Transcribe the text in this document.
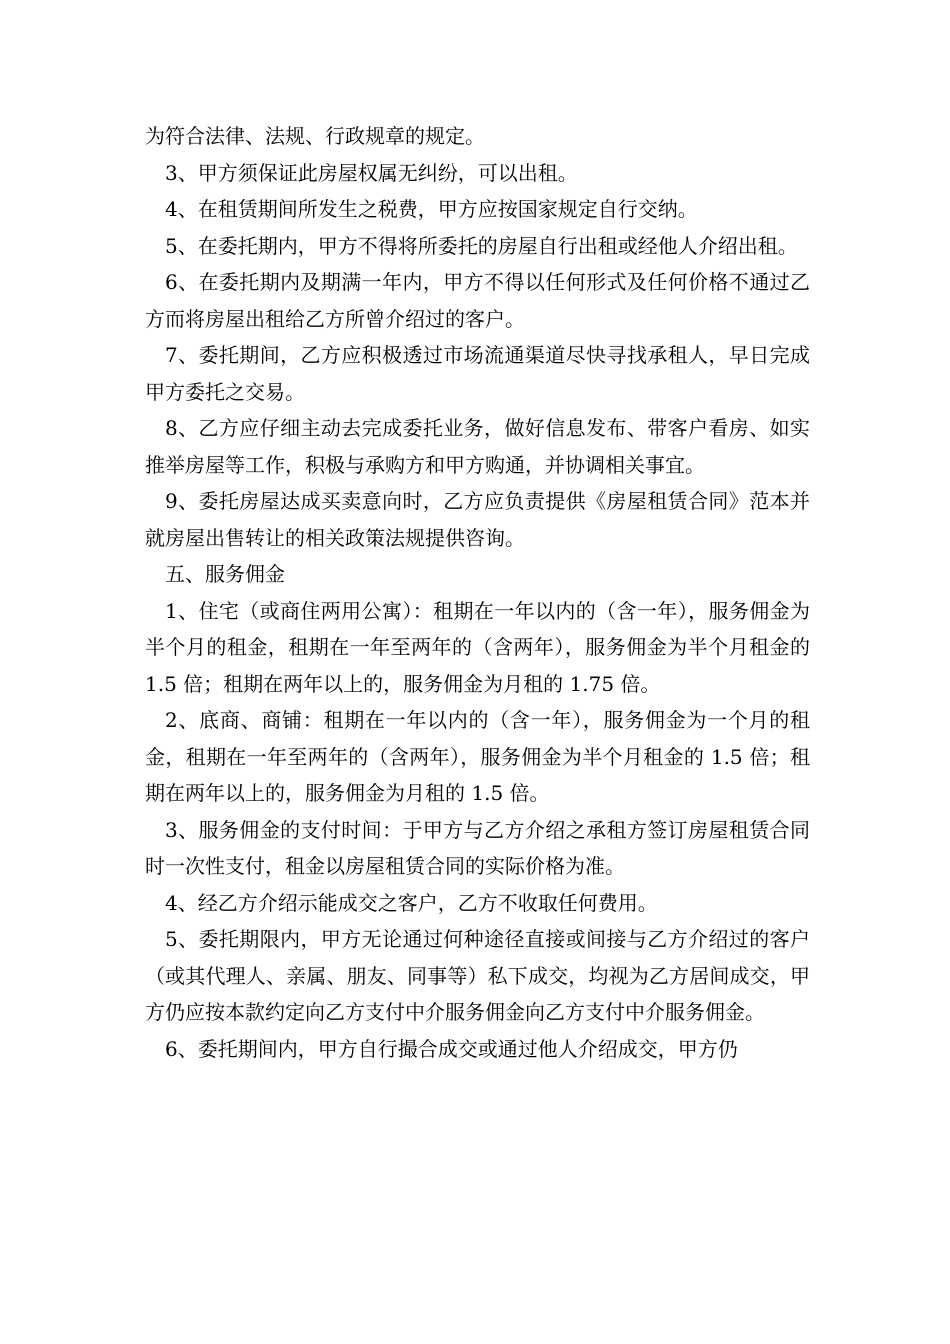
为符合法律、法规、行政规章的规定。

3、甲方须保证此房屋权属无纠纷，可以出租。

4、在租赁期间所发生之税费，甲方应按国家规定自行交纳。

5、在委托期内，甲方不得将所委托的房屋自行出租或经他人介绍出租。

6、在委托期内及期满一年内，甲方不得以任何形式及任何价格不通过乙方而将房屋出租给乙方所曾介绍过的客户。

7、委托期间，乙方应积极透过市场流通渠道尽快寻找承租人，早日完成甲方委托之交易。

8、乙方应仔细主动去完成委托业务，做好信息发布、带客户看房、如实推举房屋等工作，积极与承购方和甲方购通，并协调相关事宜。

9、委托房屋达成买卖意向时，乙方应负责提供《房屋租赁合同》范本并就房屋出售转让的相关政策法规提供咨询。

五、服务佣金

1、住宅（或商住两用公寓）：租期在一年以内的（含一年），服务佣金为半个月的租金，租期在一年至两年的（含两年），服务佣金为半个月租金的 1.5 倍；租期在两年以上的，服务佣金为月租的 1.75 倍。

2、底商、商铺：租期在一年以内的（含一年），服务佣金为一个月的租金，租期在一年至两年的（含两年），服务佣金为半个月租金的 1.5 倍；租期在两年以上的，服务佣金为月租的 1.5 倍。

3、服务佣金的支付时间：于甲方与乙方介绍之承租方签订房屋租赁合同时一次性支付，租金以房屋租赁合同的实际价格为准。

4、经乙方介绍示能成交之客户，乙方不收取任何费用。

5、委托期限内，甲方无论通过何种途径直接或间接与乙方介绍过的客户（或其代理人、亲属、朋友、同事等）私下成交，均视为乙方居间成交，甲方仍应按本款约定向乙方支付中介服务佣金向乙方支付中介服务佣金。

6、委托期间内，甲方自行撮合成交或通过他人介绍成交，甲方仍
